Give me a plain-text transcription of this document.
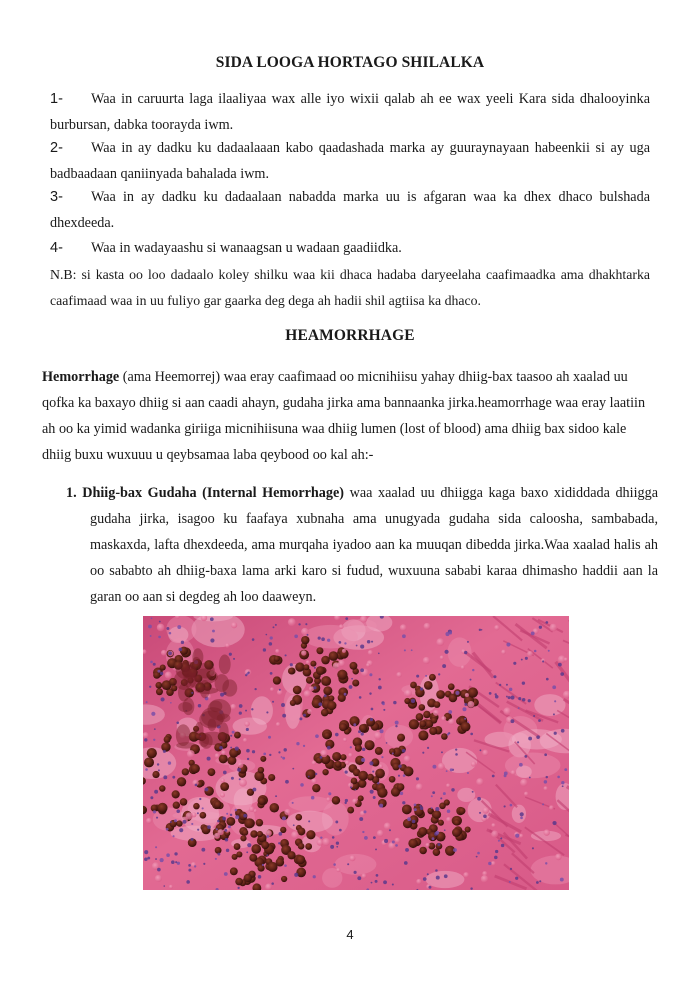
SIDA LOOGA HORTAGO SHILALKA
1-	Waa in caruurta laga ilaaliyaa wax alle iyo wixii qalab ah ee wax yeeli Kara sida dhalooyinka burbursan, dabka toorayda iwm.

2-	Waa in ay dadku ku dadaalaaan kabo qaadashada marka ay guuraynayaan habeenkii si ay uga badbaadaan qaniinyada bahalada iwm.

3-	Waa in ay dadku ku dadaalaan nabadda marka uu is afgaran waa ka dhex dhaco bulshada dhexdeeda.

4-	Waa in wadayaashu si wanaagsan u wadaan gaadiidka.

N.B: si kasta oo loo dadaalo koley shilku waa kii dhaca hadaba daryeelaha caafimaadka ama dhakhtarka caafimaad waa in uu fuliyo gar gaarka deg dega ah hadii shil agtiisa ka dhaco.

HEAMORRHAGE

Hemorrhage (ama Heemorrej) waa eray caafimaad oo micnihiisu yahay dhiig-bax taasoo ah xaalad uu qofka ka baxayo dhiig si aan caadi ahayn, gudaha jirka ama bannaanka jirka.heamorrhage waa eray laatiin ah oo ka yimid wadanka giriiga micnihiisuna waa dhiig lumen (lost of blood) ama dhiig bax sidoo kale dhiig buxu wuxuuu u qeybsamaa laba qeybood oo kal ah:-

1. Dhiig-bax Gudaha (Internal Hemorrhage) waa xaalad uu dhiigga kaga baxo xididdada dhiigga gudaha jirka, isagoo ku faafaya xubnaha ama unugyada gudaha sida caloosha, sambabada, maskaxda, lafta dhexdeeda, ama murqaha iyadoo aan ka muuqan dibedda jirka.Waa xaalad halis ah oo sababto ah dhiig-baxa lama arki karo si fudud, wuxuuna sababi karaa dhimasho haddii aan la garan oo aan si degdeg ah loo daaweyn.

4
